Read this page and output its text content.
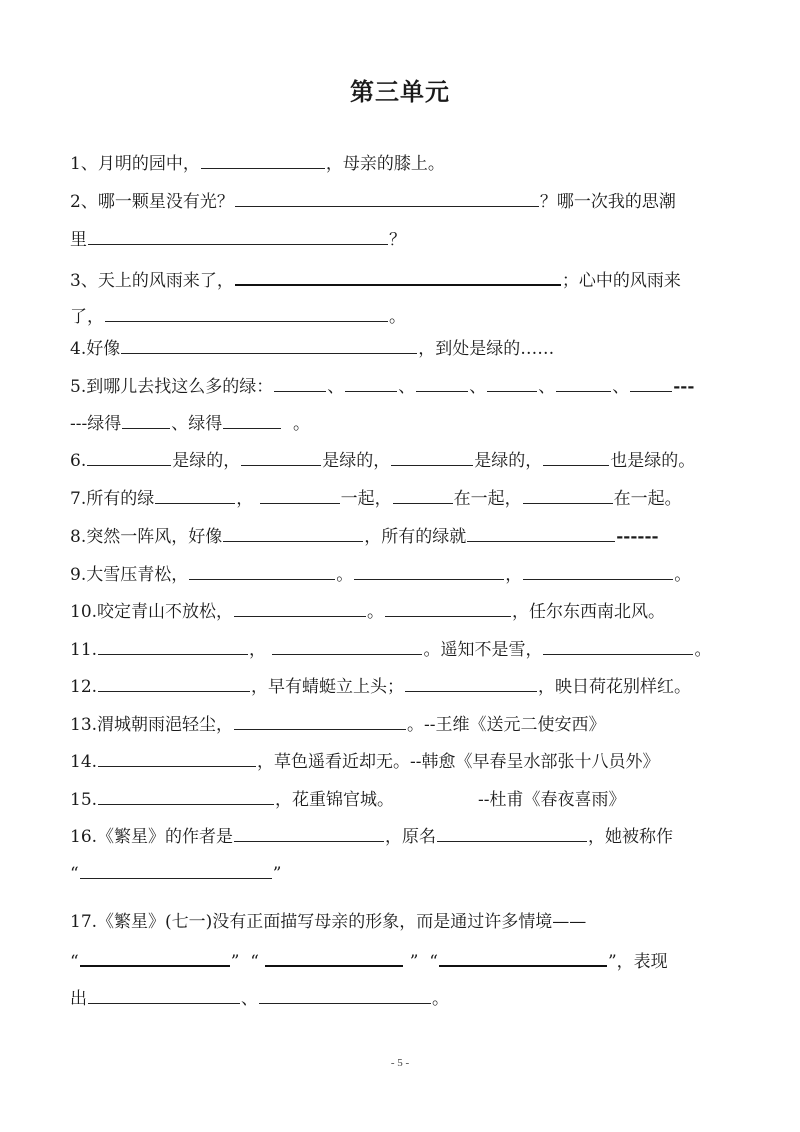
第三单元
1、月明的园中，	，母亲的膝上。
2、哪一颗星没有光？	？哪一次我的思潮
里	？
3、天上的风雨来了，	；心中的风雨来
了，	。
4.好像	，到处是绿的……
5.到哪儿去找这么多的绿：	、	、	、	、	、	---
---绿得	、绿得	。
6.	是绿的，	是绿的，	是绿的，	也是绿的。
7.所有的绿	，	一起，	在一起，	在一起。
8.突然一阵风，好像	，所有的绿就	------
9.大雪压青松，	。	，	。
10.咬定青山不放松，	。	，任尔东西南北风。
11.	，	。遥知不是雪，	。
12.	，早有蜻蜓立上头；	，映日荷花别样红。
13.渭城朝雨浥轻尘，	。--王维《送元二使安西》
14.	，草色遥看近却无。--韩愈《早春呈水部张十八员外》
15.	，花重锦官城。	--杜甫《春夜喜雨》
16.《繁星》的作者是	，原名	，她被称作
“	”
17.《繁星》(七一)没有正面描写母亲的形象，而是通过许多情境——
“	” “	” “	”，表现
出	、	。
- 5 -
